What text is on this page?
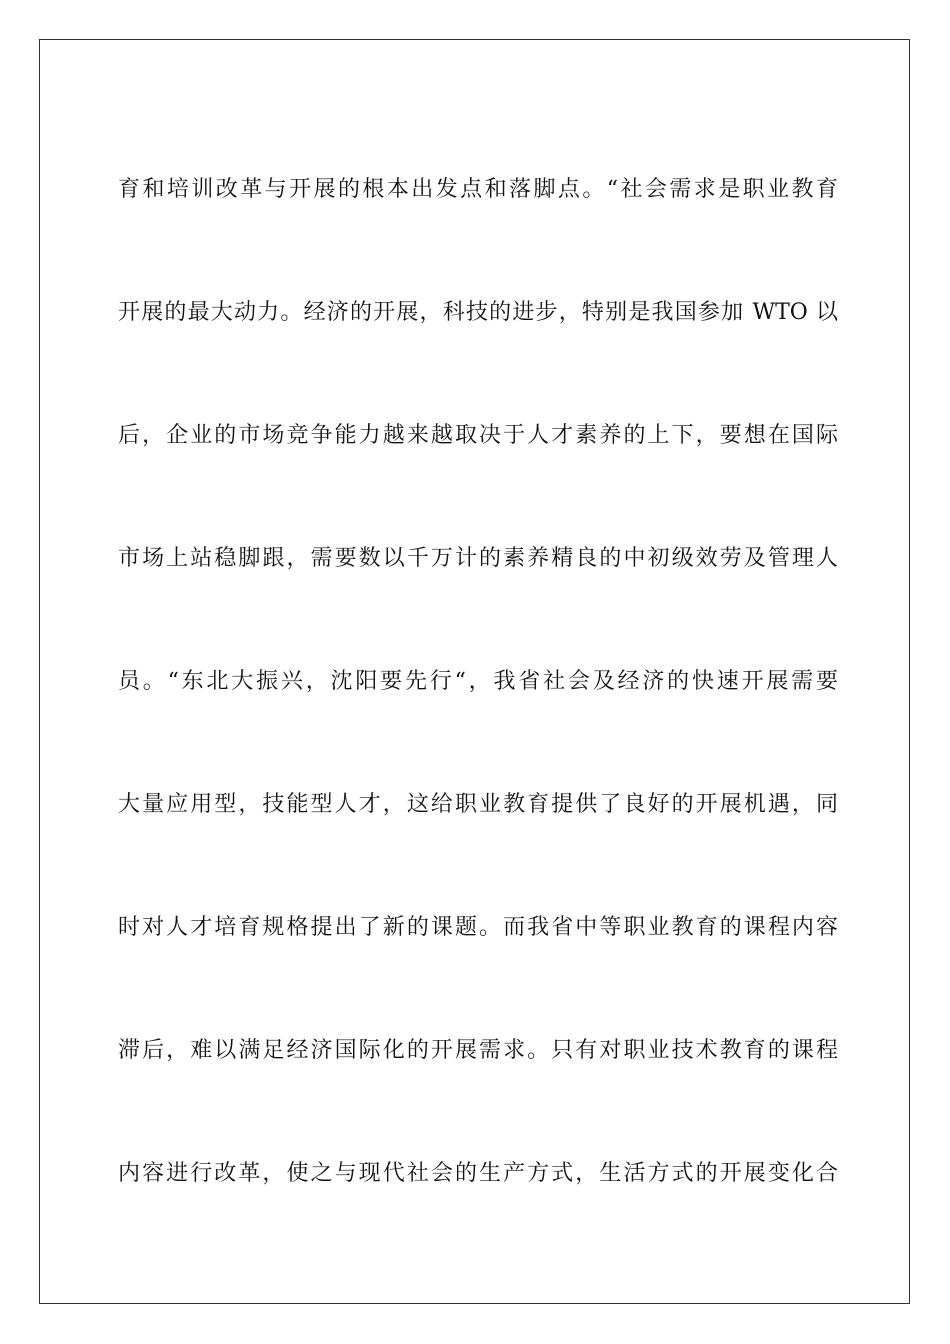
育和培训改革与开展的根本出发点和落脚点。“社会需求是职业教育
开展的最大动力。经济的开展，科技的进步，特别是我国参加 WTO 以
后，企业的市场竞争能力越来越取决于人才素养的上下，要想在国际
市场上站稳脚跟，需要数以千万计的素养精良的中初级效劳及管理人
员。“东北大振兴，沈阳要先行“，我省社会及经济的快速开展需要
大量应用型，技能型人才，这给职业教育提供了良好的开展机遇，同
时对人才培育规格提出了新的课题。而我省中等职业教育的课程内容
滞后，难以满足经济国际化的开展需求。只有对职业技术教育的课程
内容进行改革，使之与现代社会的生产方式，生活方式的开展变化合
